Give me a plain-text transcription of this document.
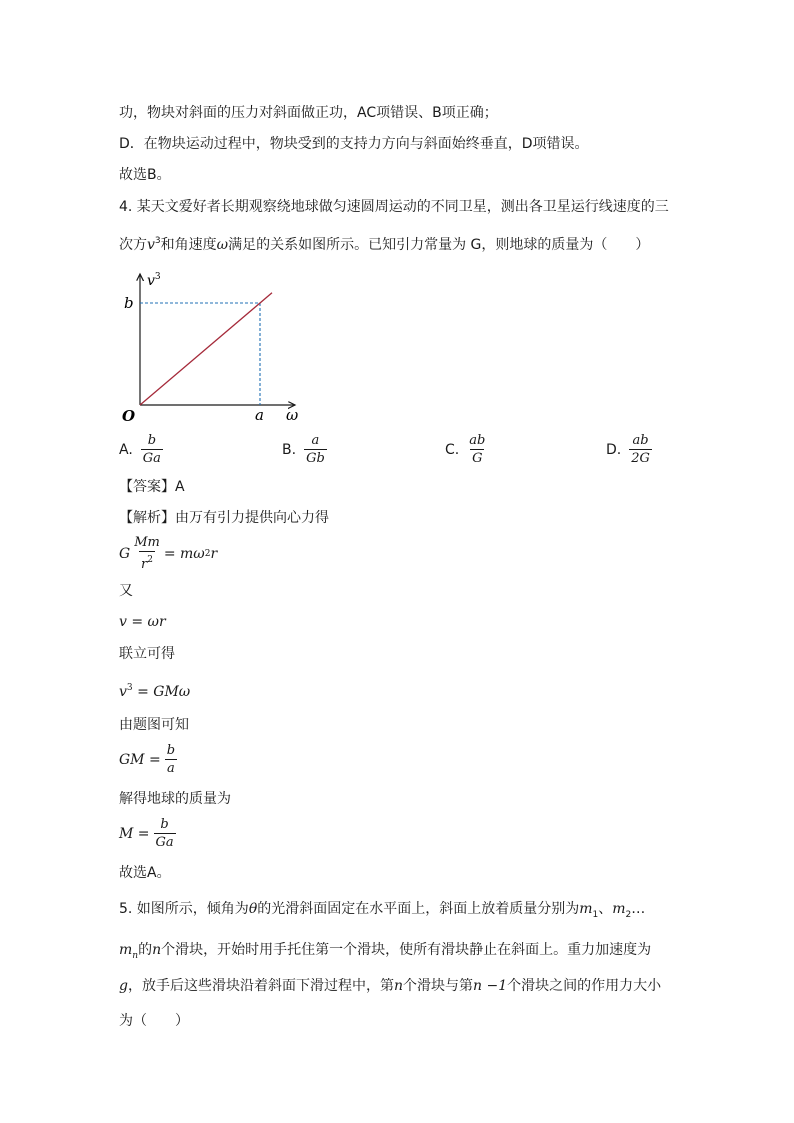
功，物块对斜面的压力对斜面做正功，AC项错误、B项正确；
D．在物块运动过程中，物块受到的支持力方向与斜面始终垂直，D项错误。
故选B。
4. 某天文爱好者长期观察绕地球做匀速圆周运动的不同卫星，测出各卫星运行线速度的三
次方$v^3$和角速度ω满足的关系如图所示。已知引力常量为 G，则地球的质量为（　　）
O	ω
$v^3$
a
b
A. $\frac{b}{Ga}$	B. $\frac{a}{Gb}$	C. $\frac{ab}{G}$	D. $\frac{ab}{2G}$
【答案】A
【解析】由万有引力提供向心力得
G $\frac{Mm}{r^2} = m\omega$ 2 r
又
v = ωr
联立可得
$v^3 = GM\omega$
由题图可知
GM = $\frac{b}{a}$
解得地球的质量为
$M = \frac{b}{Ga}$
故选A。
5. 如图所示，倾角为θ的光滑斜面固定在水平面上，斜面上放着质量分别为$m_1$、$m_2\dots$
$m_n$的n个滑块，开始时用手托住第一个滑块，使所有滑块静止在斜面上。重力加速度为
g，放手后这些滑块沿着斜面下滑过程中，第n个滑块与第n −1个滑块之间的作用力大小
为（　　）
